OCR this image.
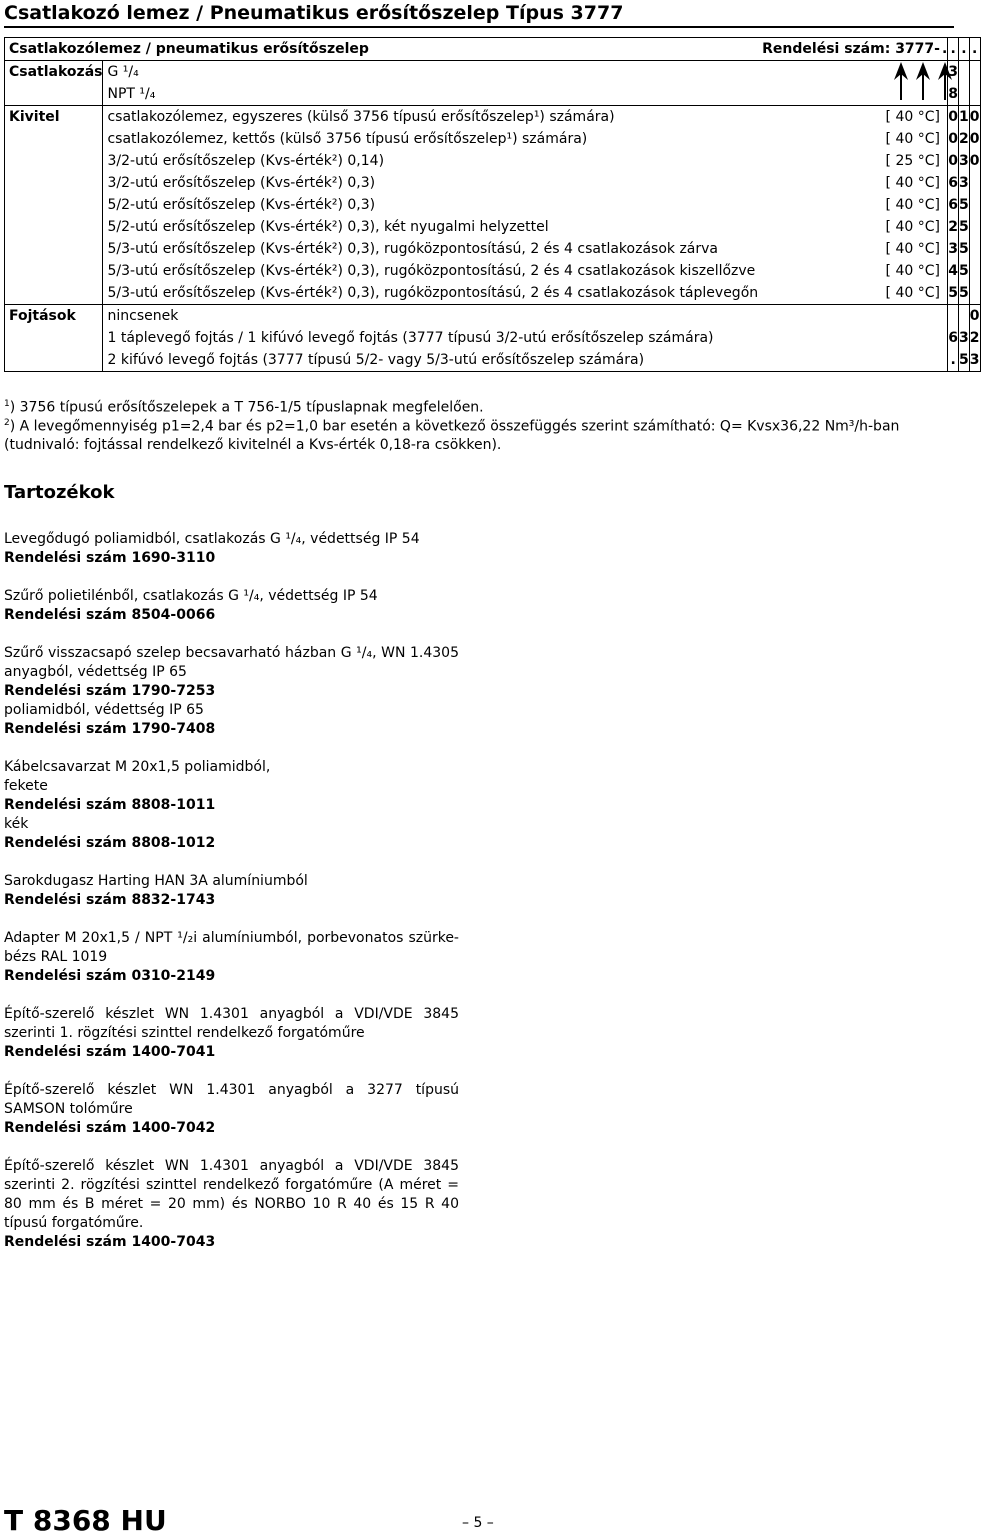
Csatlakozó lemez / Pneumatikus erősítőszelep Típus 3777
Csatlakozólemez / pneumatikus erősítőszelep		Rendelési szám: 3777-	.	.	.	.
Csatlakozás	G ¹/₄			3		
	NPT ¹/₄			8		
Kivitel	csatlakozólemez, egyszeres (külső 3756 típusú erősítőszelep¹) számára)	[ 40 °C]		0	1	0
	csatlakozólemez, kettős (külső 3756 típusú erősítőszelep¹) számára)	[ 40 °C]		0	2	0
	3/2-utú erősítőszelep (Kvs-érték²) 0,14)	[ 25 °C]		0	3	0
	3/2-utú erősítőszelep (Kvs-érték²) 0,3)	[ 40 °C]		6	3	
	5/2-utú erősítőszelep (Kvs-érték²) 0,3)	[ 40 °C]		6	5	
	5/2-utú erősítőszelep (Kvs-érték²) 0,3), két nyugalmi helyzettel	[ 40 °C]		2	5	
	5/3-utú erősítőszelep (Kvs-érték²) 0,3), rugóközpontosítású, 2 és 4 csatlakozások zárva	[ 40 °C]		3	5	
	5/3-utú erősítőszelep (Kvs-érték²) 0,3), rugóközpontosítású, 2 és 4 csatlakozások kiszellőzve	[ 40 °C]		4	5	
	5/3-utú erősítőszelep (Kvs-érték²) 0,3), rugóközpontosítású, 2 és 4 csatlakozások táplevegőn	[ 40 °C]		5	5	
Fojtások	nincsenek					0
	1 táplevegő fojtás / 1 kifúvó levegő fojtás (3777 típusú 3/2-utú erősítőszelep számára)			6	3	2
	2 kifúvó levegő fojtás (3777 típusú 5/2- vagy 5/3-utú erősítőszelep számára)			.	5	3
$^1$) 3756 típusú erősítőszelepek a T 756-1/5 típuslapnak megfelelően.
$^2$) A levegőmennyiség p1=2,4 bar és p2=1,0 bar esetén a következő összefüggés szerint számítható: Q= Kvsx36,22 Nm³/h-ban (tudnivaló: fojtással rendelkező kivitelnél a Kvs-érték 0,18-ra csökken).
Tartozékok

Levegődugó poliamidból, csatlakozás G ¹/₄, védettség IP 54
Rendelési szám 1690-3110

Szűrő polietilénből, csatlakozás G ¹/₄, védettség IP 54
Rendelési szám 8504-0066

Szűrő visszacsapó szelep becsavarható házban G ¹/₄, WN 1.4305 anyagból, védettség IP 65
Rendelési szám 1790-7253
poliamidból, védettség IP 65
Rendelési szám 1790-7408

Kábelcsavarzat M 20x1,5 poliamidból,
fekete
Rendelési szám 8808-1011
kék
Rendelési szám 8808-1012

Sarokdugasz Harting HAN 3A alumíniumból
Rendelési szám 8832-1743

Adapter M 20x1,5 / NPT ¹/₂i alumíniumból, porbevonatos szürke-bézs RAL 1019
Rendelési szám 0310-2149

Építő-szerelő készlet WN 1.4301 anyagból a VDI/VDE 3845 szerinti 1. rögzítési szinttel rendelkező forgatóműre
Rendelési szám 1400-7041

Építő-szerelő készlet WN 1.4301 anyagból a 3277 típusú SAMSON tolóműre
Rendelési szám 1400-7042

Építő-szerelő készlet WN 1.4301 anyagból a VDI/VDE 3845 szerinti 2. rögzítési szinttel rendelkező forgatóműre (A méret = 80 mm és B méret = 20 mm) és NORBO 10 R 40 és 15 R 40 típusú forgatóműre.
Rendelési szám 1400-7043

T 8368 HU	– 5 –
